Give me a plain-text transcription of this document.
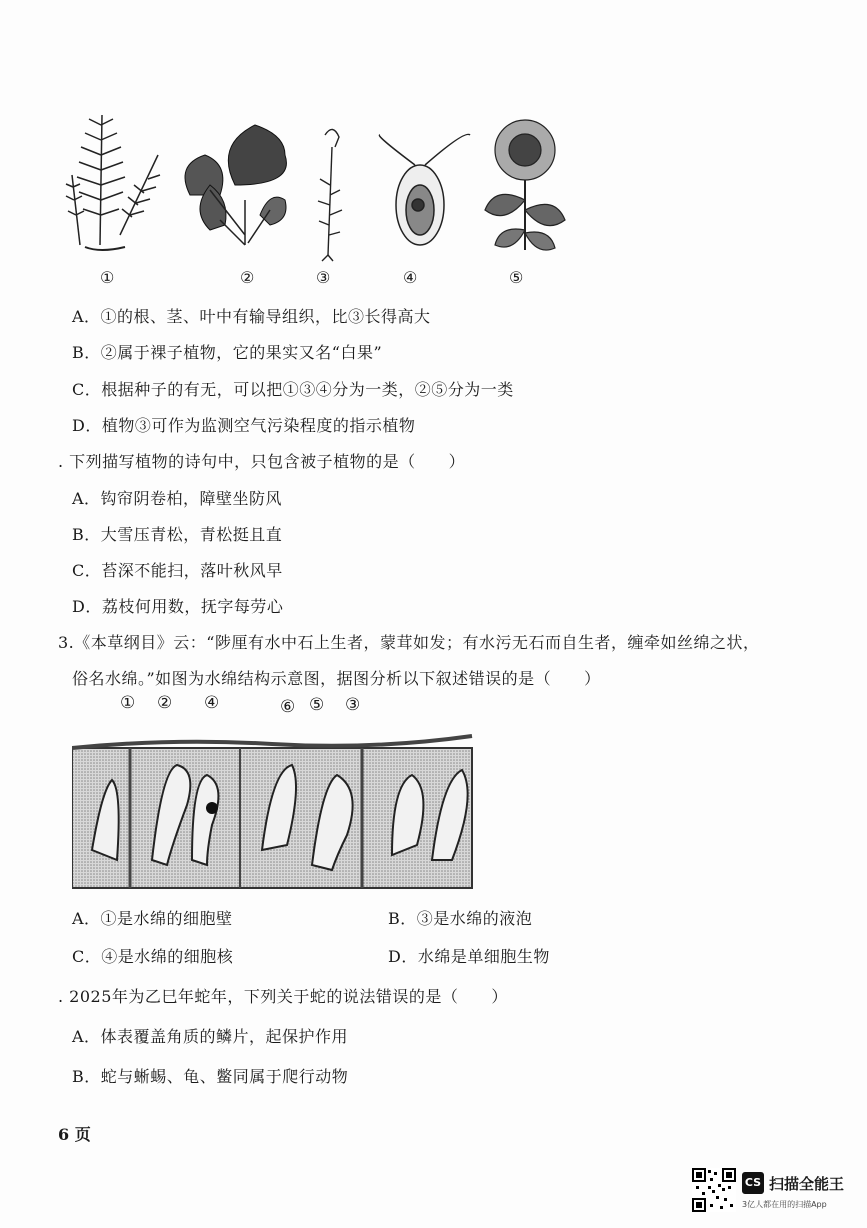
①	②	③	④	⑤
A．①的根、茎、叶中有输导组织，比③长得高大
B．②属于裸子植物，它的果实又名“白果”
C．根据种子的有无，可以把①③④分为一类，②⑤分为一类
D．植物③可作为监测空气污染程度的指示植物
. 下列描写植物的诗句中，只包含被子植物的是（　　）
A．钩帘阴卷柏，障壁坐防风
B．大雪压青松，青松挺且直
C．苔深不能扫，落叶秋风早
D．荔枝何用数，抚字每劳心
3.《本草纲目》云：“陟厘有水中石上生者，蒙茸如发；有水污无石而自生者，缠牵如丝绵之状，
俗名水绵。”如图为水绵结构示意图，据图分析以下叙述错误的是（　　）
① ② ④	⑥ ⑤ ③
A．①是水绵的细胞壁	B．③是水绵的液泡
C．④是水绵的细胞核	D．水绵是单细胞生物
. 2025年为乙巳年蛇年，下列关于蛇的说法错误的是（　　）
A．体表覆盖角质的鳞片，起保护作用
B．蛇与蜥蜴、龟、鳖同属于爬行动物
6 页
CS 扫描全能王
3亿人都在用的扫描App
